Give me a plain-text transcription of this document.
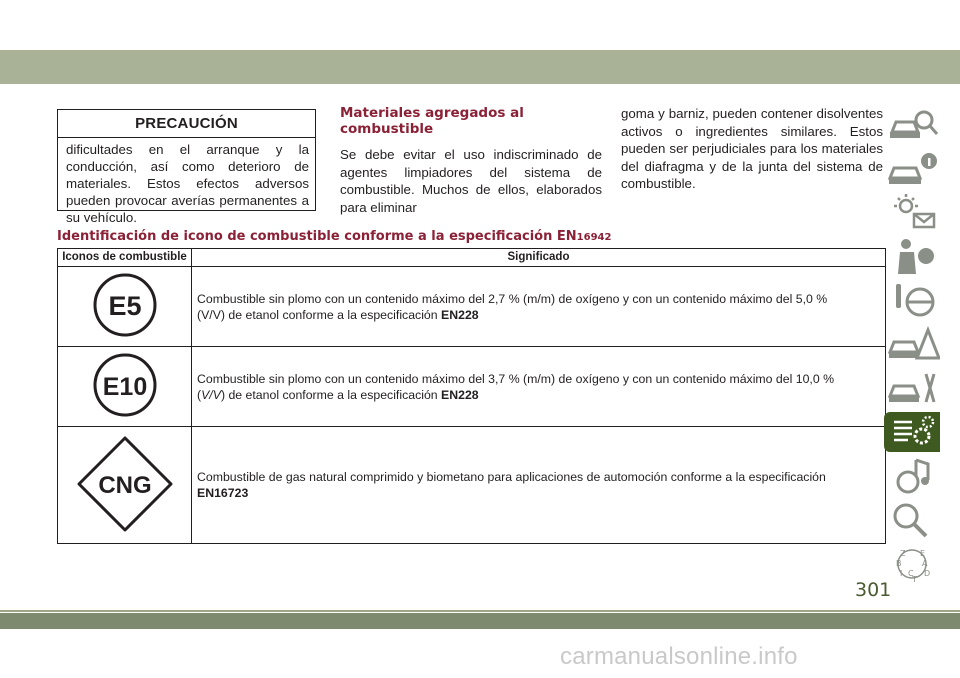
PRECAUCIÓN
dificultades en el arranque y la conducción, así como deterioro de materiales. Estos efectos adversos pueden provocar averías permanentes a su vehículo.
Materiales agregados al combustible

Se debe evitar el uso indiscriminado de agentes limpiadores del sistema de combustible. Muchos de ellos, elaborados para eliminar

goma y barniz, pueden contener disolventes activos o ingredientes similares. Estos pueden ser perjudiciales para los materiales del diafragma y de la junta del sistema de combustible.
Identificación de icono de combustible conforme a la especificación EN16942
Iconos de combustible	Significado

E5	Combustible sin plomo con un contenido máximo del 2,7 % (m/m) de oxígeno y con un contenido máximo del 5,0 %
(V/V) de etanol conforme a la especificación EN228

E10	Combustible sin plomo con un contenido máximo del 3,7 % (m/m) de oxígeno y con un contenido máximo del 10,0 %
(V/V) de etanol conforme a la especificación EN228

CNG	Combustible de gas natural comprimido y biometano para aplicaciones de automoción conforme a la especificación
EN16723
Z E
B	A
I C D
T
301
carmanualsonline.info
